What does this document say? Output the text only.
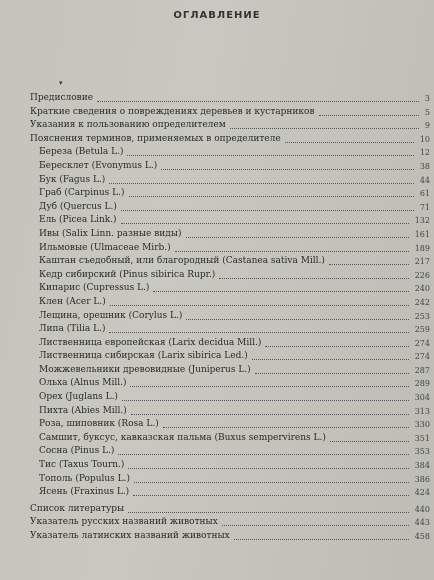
ОГЛАВЛЕНИЕ
▾
Предисловие	3
Краткие сведения о повреждениях деревьев и кустарников	5
Указания к пользованию определителем	9
Пояснения терминов, применяемых в определителе	10
Береза (Betula L.)	12
Бересклет (Evonymus L.)	38
Бук (Fagus L.)	44
Граб (Carpinus L.)	61
Дуб (Quercus L.)	71
Ель (Picea Link.)	132
Ивы (Salix Linn. разные виды)	161
Ильмовые (Ulmaceae Mirb.)	189
Каштан съедобный, или благородный (Castanea sativa Mill.)	217
Кедр сибирский (Pinus sibirica Rupr.)	226
Кипарис (Cupressus L.)	240
Клен (Acer L.)	242
Лещина, орешник (Corylus L.)	253
Липа (Tilia L.)	259
Лиственница европейская (Larix decidua Mill.)	274
Лиственница сибирская (Larix sibirica Led.)	274
Можжевельники древовидные (Juniperus L.)	287
Ольха (Alnus Mill.)	289
Орех (Juglans L.)	304
Пихта (Abies Mill.)	313
Роза, шиповник (Rosa L.)	330
Самшит, буксус, кавказская пальма (Buxus sempervirens L.)	351
Сосна (Pinus L.)	353
Тис (Taxus Tourn.)	384
Тополь (Populus L.)	386
Ясень (Fraxinus L.)	424
Список литературы	440
Указатель русских названий животных	443
Указатель латинских названий животных	458
